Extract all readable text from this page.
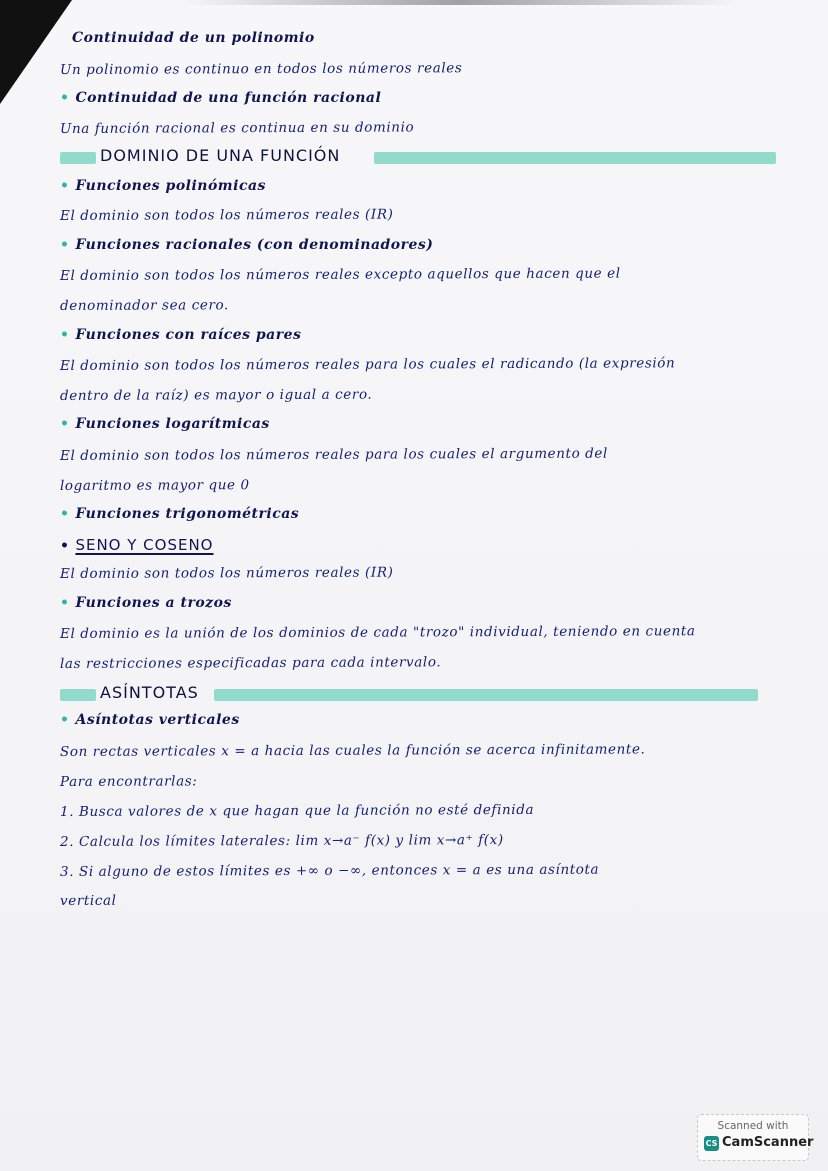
Continuidad de un polinomio
Un polinomio es continuo en todos los números reales
• Continuidad de una función racional
Una función racional es continua en su dominio
DOMINIO DE UNA FUNCIÓN
• Funciones polinómicas
El dominio son todos los números reales (IR)
• Funciones racionales (con denominadores)
El dominio son todos los números reales excepto aquellos que hacen que el
denominador sea cero.
• Funciones con raíces pares
El dominio son todos los números reales para los cuales el radicando (la expresión
dentro de la raíz) es mayor o igual a cero.
• Funciones logarítmicas
El dominio son todos los números reales para los cuales el argumento del
logaritmo es mayor que 0
• Funciones trigonométricas
• SENO Y COSENO
El dominio son todos los números reales (IR)
• Funciones a trozos
El dominio es la unión de los dominios de cada "trozo" individual, teniendo en cuenta
las restricciones especificadas para cada intervalo.
ASÍNTOTAS
• Asíntotas verticales
Son rectas verticales x = a hacia las cuales la función se acerca infinitamente.
Para encontrarlas:
1. Busca valores de x que hagan que la función no esté definida
2. Calcula los límites laterales: lim x→a⁻ f(x) y lim x→a⁺ f(x)
3. Si alguno de estos límites es +∞ o −∞, entonces x = a es una asíntota
vertical
Scanned with
CS CamScanner
